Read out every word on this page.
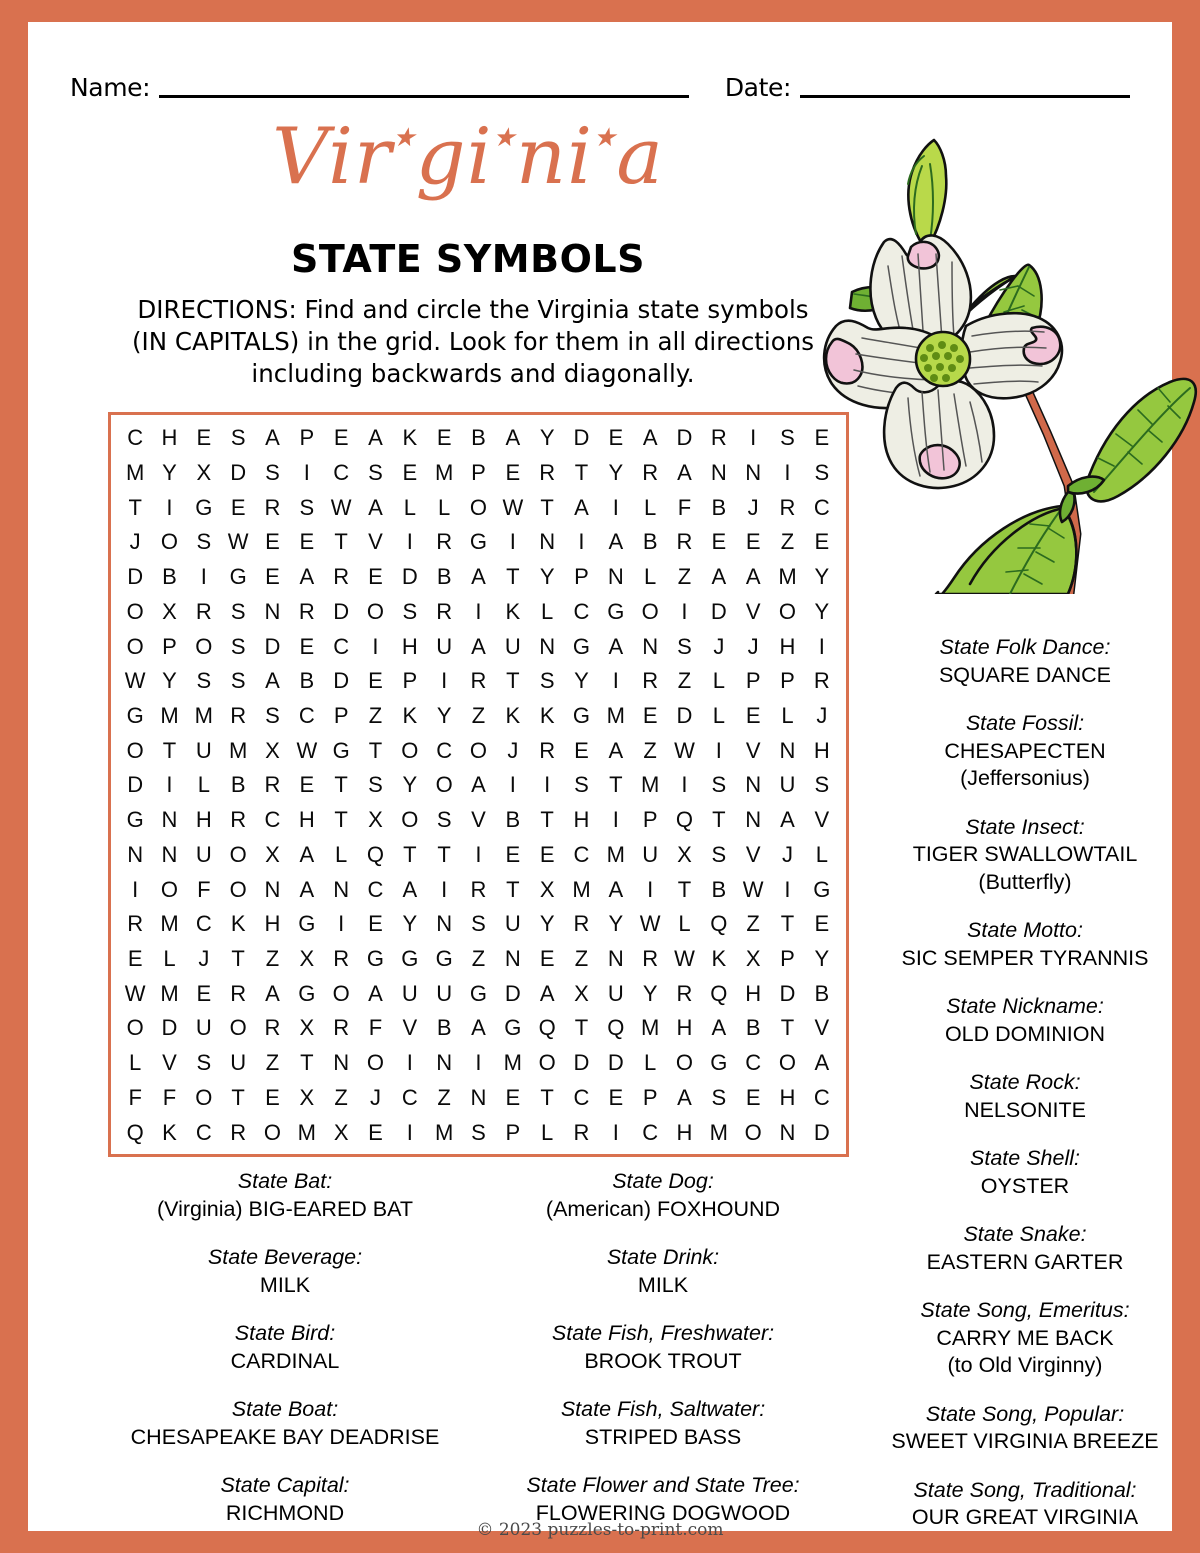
Name:	Date:
Vir★gi★ni★a
STATE SYMBOLS
DIRECTIONS: Find and circle the Virginia state symbols (IN CAPITALS) in the grid. Look for them in all directions including backwards and diagonally.
C H E S A P E A K E B A Y D E A D R	I	S E
M Y X D S	I	C S E M P E R T Y R A N N	I	S
T	I	G E R S W A L	L O W T A	I	L F B J R C
J O S W E E T V	I	R G	I	N	I	A B R E E Z E
D B	I	G E A R E D B A T Y P N L Z A A M Y
O X R S N R D O S R	I	K L C G O	I	D V O Y
O P O S D E C	I	H U A U N G A N S J	J H	I
W Y S S A B D E P	I	R T S Y	I	R Z L P P R
G M M R S C P Z K Y Z K K G M E D L E L	J
O T U M X W G T O C O J R E A Z W I	V N H
D	I	L B R E T S Y O A	I	I	S T M	I	S N U S
G N H R C H T X O S V B T H	I	P Q T N A V
N N U O X A L Q T T	I	E E C M U X S V J	L
I	O F O N A N C A	I	R T X M A	I	T B W I	G
R M C K H G	I	E Y N S U Y R Y W L Q Z T E
E L	J	T Z X R G G G Z N E Z N R W K X P Y
W M E R A G O A U U G D A X U Y R Q H D B
O D U O R X R F V B A G Q T Q M H A B T V
L V S U Z T N O	I	N	I	M O D D L O G C O A
F F O T E X Z	J C Z N E T C E P A S E H C
Q K C R O M X E	I	M S P L R	I	C H M O N D
State Folk Dance:
SQUARE DANCE
State Fossil:
CHESAPECTEN
(Jeffersonius)
State Insect:
TIGER SWALLOWTAIL
(Butterfly)
State Motto:
SIC SEMPER TYRANNIS
State Nickname:
OLD DOMINION
State Rock:
NELSONITE
State Shell:
OYSTER
State Snake:
EASTERN GARTER
State Song, Emeritus:
CARRY ME BACK
(to Old Virginny)
State Song, Popular:
SWEET VIRGINIA BREEZE
State Song, Traditional:
OUR GREAT VIRGINIA
State Bat:
(Virginia) BIG-EARED BAT
State Beverage:
MILK
State Bird:
CARDINAL
State Boat:
CHESAPEAKE BAY DEADRISE
State Capital:
RICHMOND
State Dog:
(American) FOXHOUND
State Drink:
MILK
State Fish, Freshwater:
BROOK TROUT
State Fish, Saltwater:
STRIPED BASS
State Flower and State Tree:
FLOWERING DOGWOOD
© 2023 puzzles-to-print.com
